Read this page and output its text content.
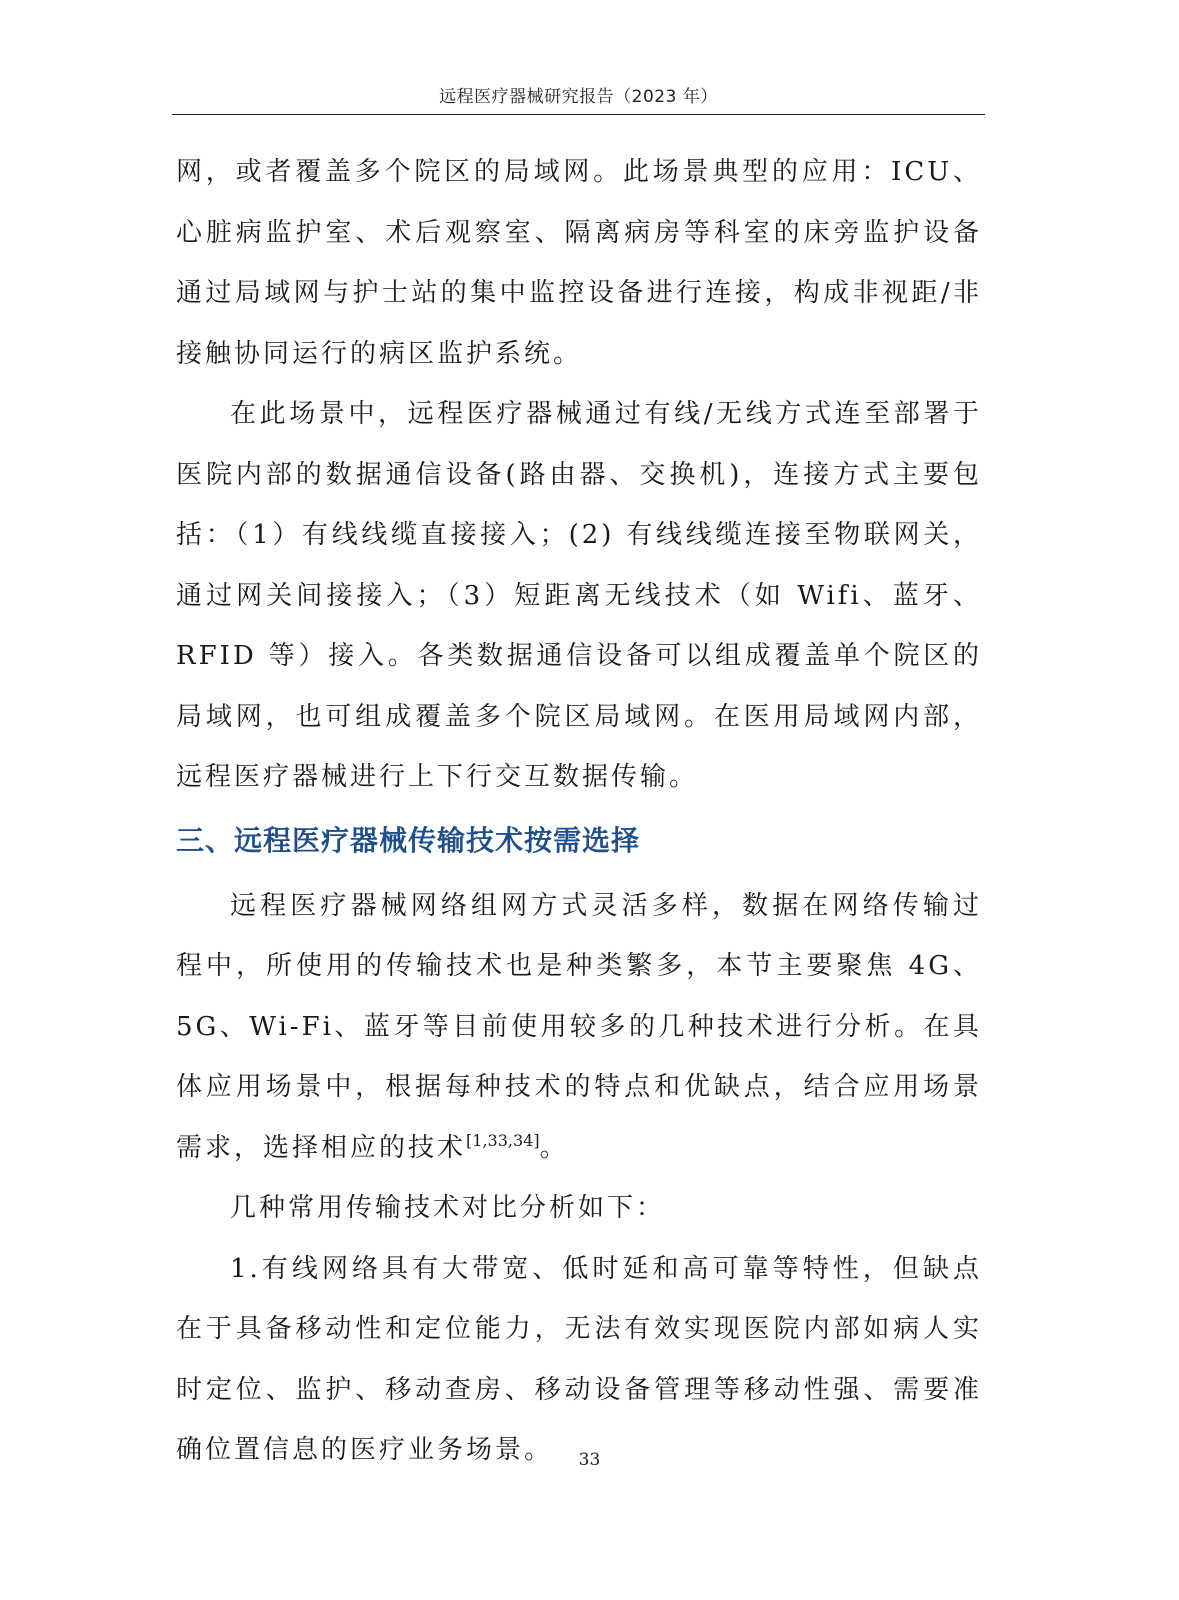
远程医疗器械研究报告（2023 年）

网，或者覆盖多个院区的局域网。此场景典型的应用：ICU、心脏病监护室、术后观察室、隔离病房等科室的床旁监护设备通过局域网与护士站的集中监控设备进行连接，构成非视距/非接触协同运行的病区监护系统。

在此场景中，远程医疗器械通过有线/无线方式连至部署于医院内部的数据通信设备(路由器、交换机)，连接方式主要包括：（1）有线线缆直接接入；(2) 有线线缆连接至物联网关，通过网关间接接入；（3）短距离无线技术（如 Wifi、蓝牙、RFID 等）接入。各类数据通信设备可以组成覆盖单个院区的局域网，也可组成覆盖多个院区局域网。在医用局域网内部，远程医疗器械进行上下行交互数据传输。

三、远程医疗器械传输技术按需选择

远程医疗器械网络组网方式灵活多样，数据在网络传输过程中，所使用的传输技术也是种类繁多，本节主要聚焦 4G、5G、Wi-Fi、蓝牙等目前使用较多的几种技术进行分析。在具体应用场景中，根据每种技术的特点和优缺点，结合应用场景需求，选择相应的技术[1,33,34]。

几种常用传输技术对比分析如下：

1.有线网络具有大带宽、低时延和高可靠等特性，但缺点在于具备移动性和定位能力，无法有效实现医院内部如病人实时定位、监护、移动查房、移动设备管理等移动性强、需要准确位置信息的医疗业务场景。	33
